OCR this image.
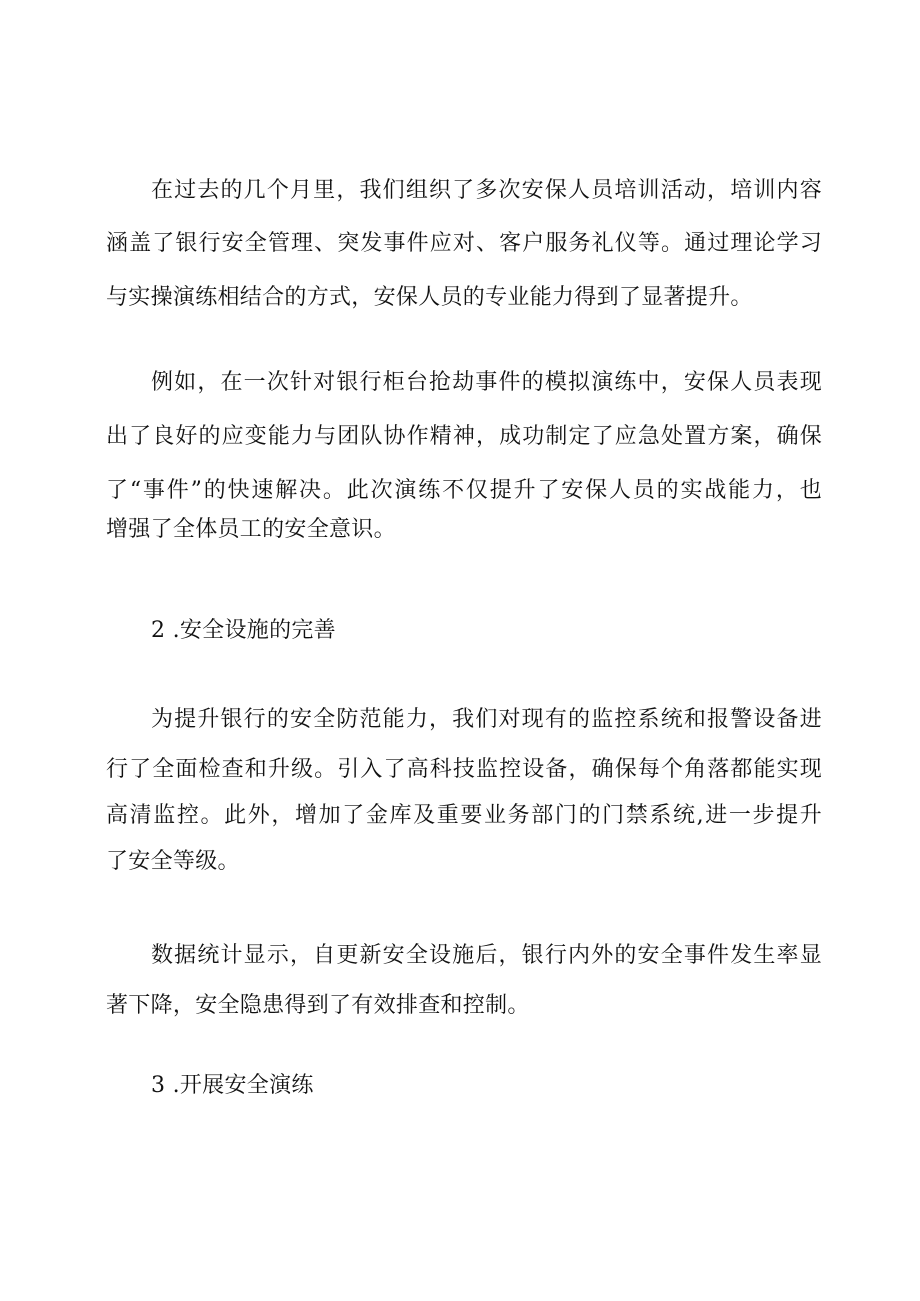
在过去的几个月里，我们组织了多次安保人员培训活动，培训内容
涵盖了银行安全管理、突发事件应对、客户服务礼仪等。通过理论学习
与实操演练相结合的方式，安保人员的专业能力得到了显著提升。
例如，在一次针对银行柜台抢劫事件的模拟演练中，安保人员表现
出了良好的应变能力与团队协作精神，成功制定了应急处置方案，确保
了“事件”的快速解决。此次演练不仅提升了安保人员的实战能力，也
增强了全体员工的安全意识。
2 .安全设施的完善
为提升银行的安全防范能力，我们对现有的监控系统和报警设备进
行了全面检查和升级。引入了高科技监控设备，确保每个角落都能实现
高清监控。此外，增加了金库及重要业务部门的门禁系统,进一步提升
了安全等级。
数据统计显示，自更新安全设施后，银行内外的安全事件发生率显
著下降，安全隐患得到了有效排查和控制。
3 .开展安全演练
